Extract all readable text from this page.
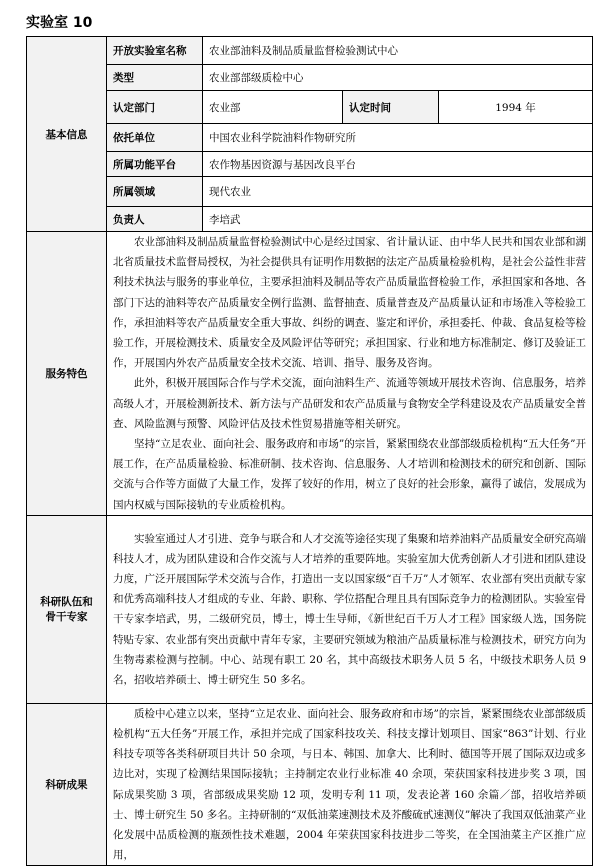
实验室 10
基本信息	开放实验室名称	农业部油料及制品质量监督检验测试中心		
	类型	农业部部级质检中心		
	认定部门	农业部	认定时间	1994 年
	依托单位	中国农业科学院油料作物研究所		
	所属功能平台	农作物基因资源与基因改良平台		
	所属领域	现代农业		
	负责人	李培武		
服务特色	农业部油料及制品质量监督检验测试中心是经过国家、省计量认证、由中华人民共和国农业部和湖北省质量技术监督局授权，为社会提供具有证明作用数据的法定产品质量检验机构，是社会公益性非营利技术执法与服务的事业单位，主要承担油料及制品等农产品质量监督检验工作，承担国家和各地、各部门下达的油料等农产品质量安全例行监测、监督抽查、质量普查及产品质量认证和市场准入等检验工作，承担油料等农产品质量安全重大事故、纠纷的调查、鉴定和评价，承担委托、仲裁、食品复检等检验工作，开展检测技术、质量安全及风险评估等研究；承担国家、行业和地方标准制定、修订及验证工作，开展国内外农产品质量安全技术交流、培训、指导、服务及咨询。

此外，积极开展国际合作与学术交流，面向油料生产、流通等领域开展技术咨询、信息服务，培养高级人才，开展检测新技术、新方法与产品研发和农产品质量与食物安全学科建设及农产品质量安全普查、风险监测与预警、风险评估及技术性贸易措施等相关研究。

坚持“立足农业、面向社会、服务政府和市场”的宗旨，紧紧围绕农业部部级质检机构“五大任务”开展工作，在产品质量检验、标准研制、技术咨询、信息服务、人才培训和检测技术的研究和创新、国际交流与合作等方面做了大量工作，发挥了较好的作用，树立了良好的社会形象，赢得了诚信，发展成为国内权威与国际接轨的专业质检机构。			

科研队伍和
骨干专家	实验室通过人才引进、竞争与联合和人才交流等途径实现了集聚和培养油料产品质量安全研究高端科技人才，成为团队建设和合作交流与人才培养的重要阵地。实验室加大优秀创新人才引进和团队建设力度，广泛开展国际学术交流与合作，打造出一支以国家级“百千万”人才领军、农业部有突出贡献专家和优秀高端科技人才组成的专业、年龄、职称、学位搭配合理且具有国际竞争力的检测团队。实验室骨干专家李培武，男，二级研究员，博士，博士生导师，《新世纪百千万人才工程》国家级人选，国务院特贴专家、农业部有突出贡献中青年专家，主要研究领域为粮油产品质量标准与检测技术，研究方向为生物毒素检测与控制。中心、站现有职工 20 名，其中高级技术职务人员 5 名，中级技术职务人员 9 名，招收培养硕士、博士研究生 50 多名。			

科研成果	质检中心建立以来，坚持“立足农业、面向社会、服务政府和市场”的宗旨，紧紧围绕农业部部级质检机构“五大任务”开展工作，承担并完成了国家科技攻关、科技支撑计划项目、国家“863”计划、行业科技专项等各类科研项目共计 50 余项，与日本、韩国、加拿大、比利时、德国等开展了国际双边或多边比对，实现了检测结果国际接轨；主持制定农业行业标准 40 余项，荣获国家科技进步奖 3 项，国际成果奖励 3 项，省部级成果奖励 12 项，发明专利 11 项，发表论著 160 余篇／部，招收培养硕士、博士研究生 50 多名。主持研制的“双低油菜速测技术及芥酸硫甙速测仪”解决了我国双低油菜产业化发展中品质检测的瓶颈性技术难题，2004 年荣获国家科技进步二等奖，在全国油菜主产区推广应用，			
